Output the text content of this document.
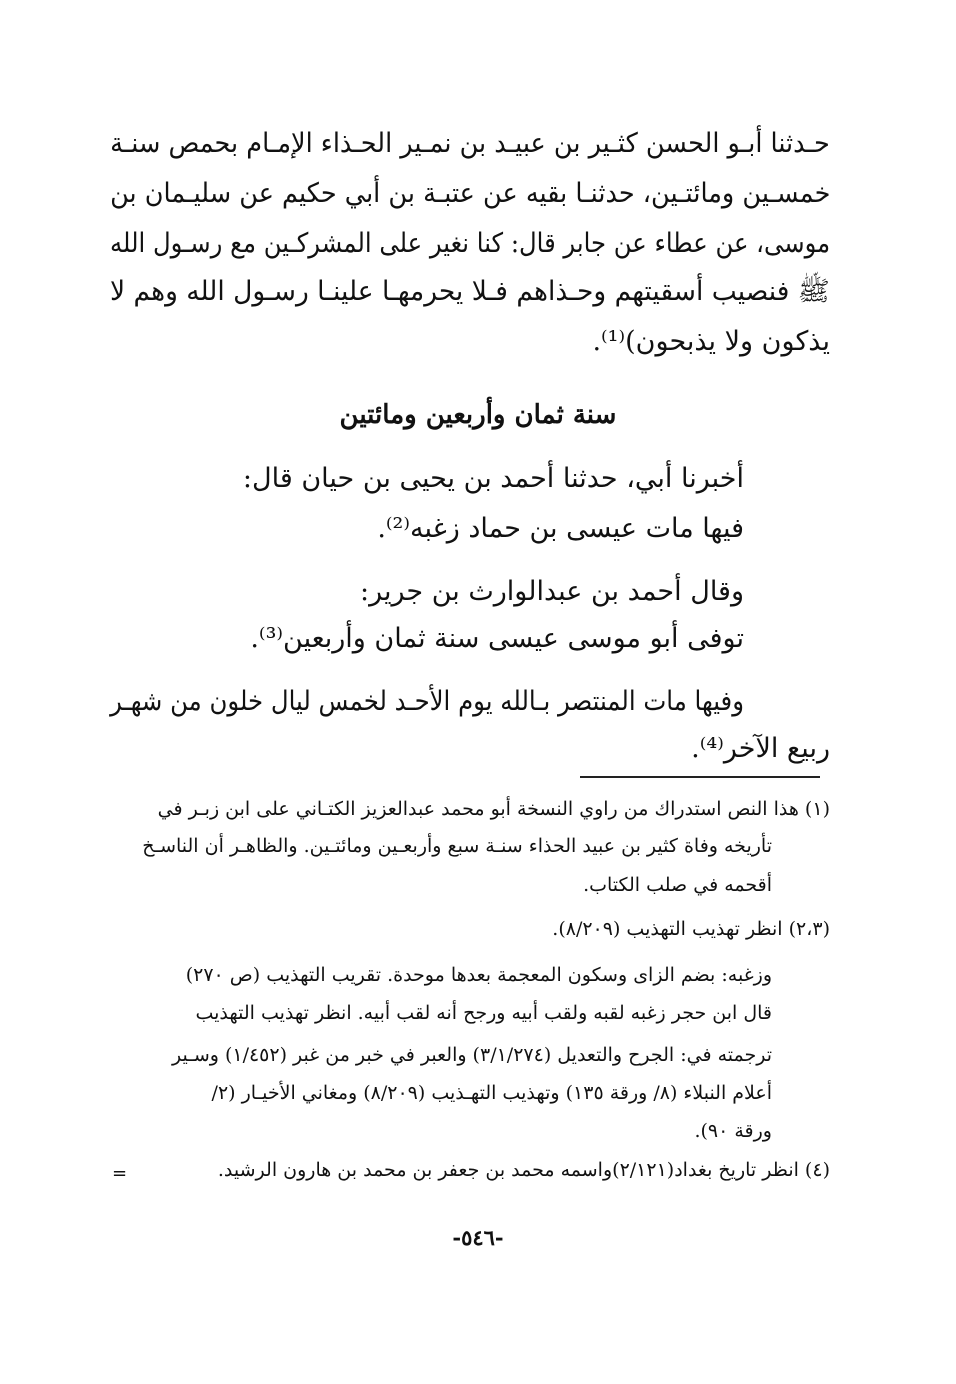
حـدثنا أبـو الحسن كثـير بن عبيـد بن نمـير الحـذاء الإمـام بحمص سنـة
خمسـين ومائتـين، حدثنـا بقيه عن عتبـة بن أبي حكيم عن سليـمان بن
موسى، عن عطاء عن جابر قال: كنا نغير على المشركـين مع رسـول الله
ﷺ فنصيب أسقيتهم وحـذاهم فـلا يحرمهـا علينـا رسـول الله وهم لا
يذكون ولا يذبحون)⁽¹⁾.
سنة ثمان وأربعين ومائتين
أخبرنا أبي، حدثنا أحمد بن يحيى بن حيان قال:
فيها مات عيسى بن حماد زغبه⁽²⁾.
وقال أحمد بن عبدالوارث بن جرير:
توفى أبو موسى عيسى سنة ثمان وأربعين⁽³⁾.
وفيها مات المنتصر بـالله يوم الأحـد لخمس ليال خلون من شهـر
ربيع الآخر⁽⁴⁾.
(١) هذا النص استدراك من راوي النسخة أبو محمد عبدالعزيز الكتـاني على ابن زبـر في
تأريخه وفاة كثير بن عبيد الحذاء سنـة سبع وأربعـين ومائتـين. والظاهـر أن الناسـخ
أقحمه في صلب الكتاب.
(٢،٣) انظر تهذيب التهذيب (٨/٢٠٩).
وزغبه: بضم الزاى وسكون المعجمة بعدها موحدة. تقريب التهذيب (ص ٢٧٠)
قال ابن حجر زغبه لقبه ولقب أبيه ورجح أنه لقب أبيه. انظر تهذيب التهذيب
ترجمته في: الجرح والتعديل (٣/١/٢٧٤) والعبر في خبر من غبر (١/٤٥٢) وسـير
أعلام النبلاء (٨/ ورقة ١٣٥) وتهذيب التهـذيب (٨/٢٠٩) ومغاني الأخيـار (٢/
ورقة ٩٠).
(٤) انظر تاريخ بغداد(٢/١٢١)واسمه محمد بن جعفر بن محمد بن هارون الرشيد.
=
-٥٤٦-
